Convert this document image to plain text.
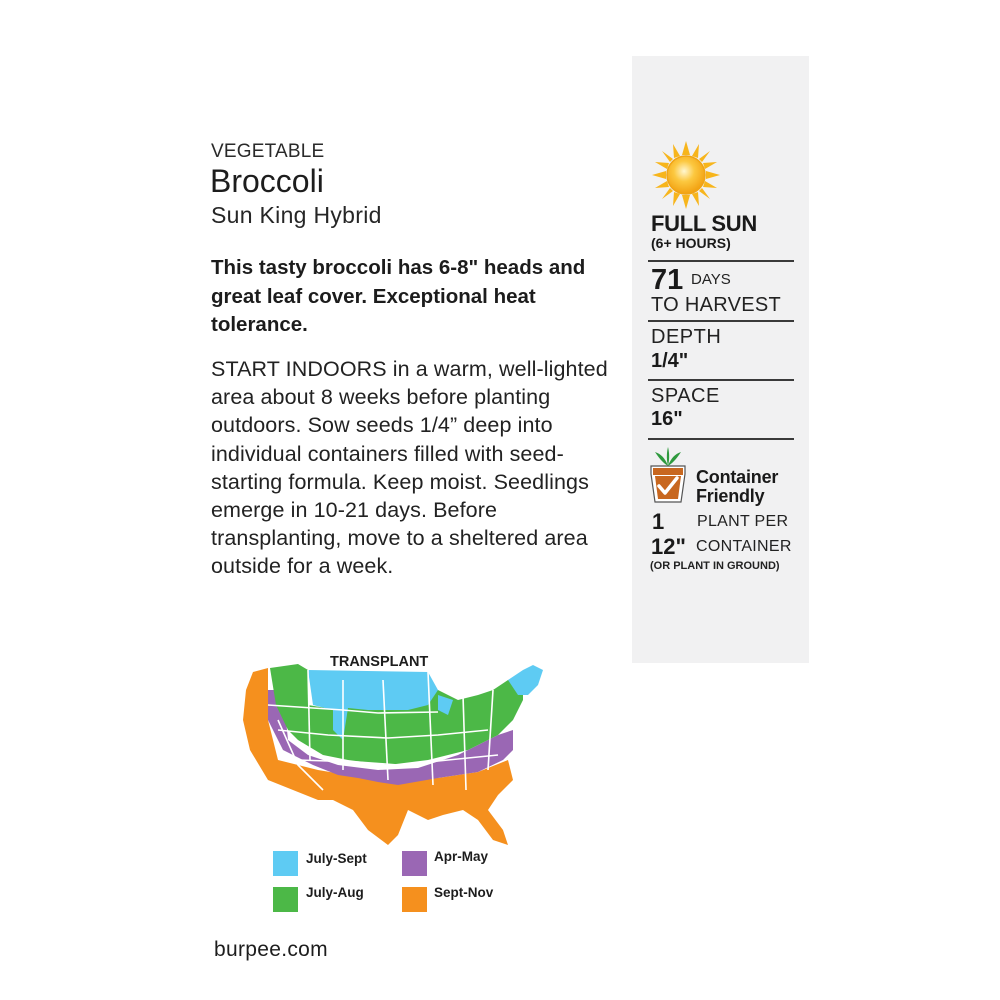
VEGETABLE
Broccoli
Sun King Hybrid
This tasty broccoli has 6-8" heads and great leaf cover. Exceptional heat tolerance.
START INDOORS in a warm, well-lighted area about 8 weeks before planting outdoors. Sow seeds 1/4” deep into individual containers filled with seed-starting formula. Keep moist. Seedlings emerge in 10-21 days. Before transplanting, move to a sheltered area outside for a week.
FULL SUN
(6+ HOURS)
71 DAYS
TO HARVEST
DEPTH
1/4"
SPACE
16"
Container
Friendly
1 PLANT PER
12" CONTAINER
(OR PLANT IN GROUND)
TRANSPLANT
July-Sept	Apr-May
July-Aug	Sept-Nov
burpee.com
